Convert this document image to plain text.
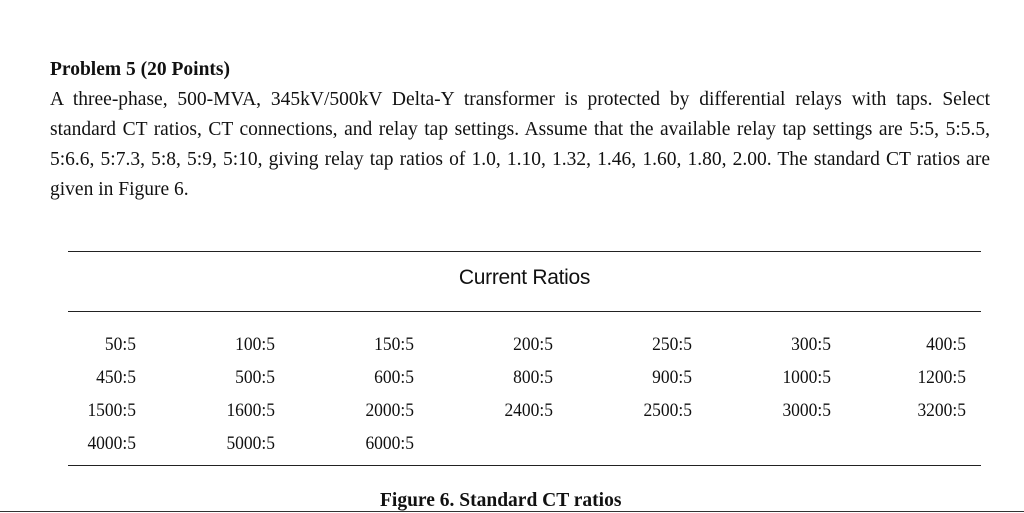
Problem 5 (20 Points)

A three-phase, 500-MVA, 345kV/500kV Delta-Y transformer is protected by differential relays with taps. Select standard CT ratios, CT connections, and relay tap settings. Assume that the available relay tap settings are 5:5, 5:5.5, 5:6.6, 5:7.3, 5:8, 5:9, 5:10, giving relay tap ratios of 1.0, 1.10, 1.32, 1.46, 1.60, 1.80, 2.00. The standard CT ratios are given in Figure 6.

Current Ratios
50:5	100:5	150:5	200:5	250:5	300:5	400:5
450:5	500:5	600:5	800:5	900:5	1000:5	1200:5
1500:5	1600:5	2000:5	2400:5	2500:5	3000:5	3200:5
4000:5	5000:5	6000:5
Figure 6. Standard CT ratios
